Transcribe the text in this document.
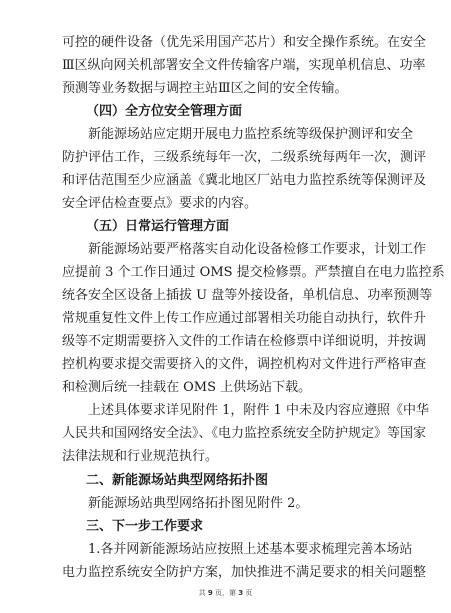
可控的硬件设备（优先采用国产芯片）和安全操作系统。在安全
Ⅲ区纵向网关机部署安全文件传输客户端，实现单机信息、功率
预测等业务数据与调控主站Ⅲ区之间的安全传输。
（四）全方位安全管理方面
新能源场站应定期开展电力监控系统等级保护测评和安全
防护评估工作，三级系统每年一次，二级系统每两年一次，测评
和评估范围至少应涵盖《冀北地区厂站电力监控系统等保测评及
安全评估检查要点》要求的内容。
（五）日常运行管理方面
新能源场站要严格落实自动化设备检修工作要求，计划工作
应提前 3 个工作日通过 OMS 提交检修票。严禁擅自在电力监控系
统各安全区设备上插拔 U 盘等外接设备，单机信息、功率预测等
常规重复性文件上传工作应通过部署相关功能自动执行，软件升
级等不定期需要挤入文件的工作请在检修票中详细说明，并按调
控机构要求提交需要挤入的文件，调控机构对文件进行严格审查
和检测后统一挂载在 OMS 上供场站下载。
上述具体要求详见附件 1，附件 1 中未及内容应遵照《中华
人民共和国网络安全法》、《电力监控系统安全防护规定》等国家
法律法规和行业规范执行。
二、新能源场站典型网络拓扑图
新能源场站典型网络拓扑图见附件 2。
三、下一步工作要求
1.各并网新能源场站应按照上述基本要求梳理完善本场站
电力监控系统安全防护方案，加快推进不满足要求的相关问题整
共 9 页，第 3 页
